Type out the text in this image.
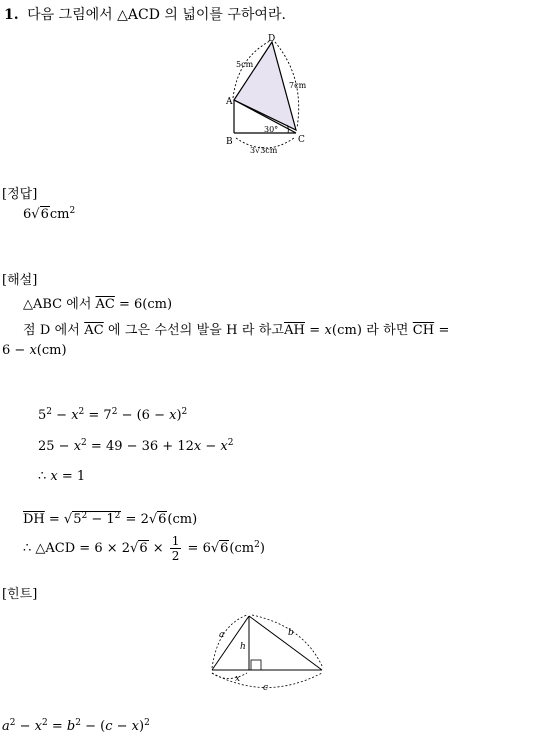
1. 다음 그림에서 △ACD 의 넓이를 구하여라.
D
A
B	C
5cm
7cm
30°
3√3cm
[정답]
$6√6cm^2$
[해설]
△ABC 에서 $\overline{AC} = 6(cm)$
점 D 에서 $\overline{AC}$ 에 그은 수선의 발을 H 라 하고$\overline{AH} = x(cm)$ 라 하면 $\overline{CH}$ =
6 − x(cm)
$5^2 - x^2 = 7^2 - (6 - x)^2$
$25 - x^2 = 49 - 36 + 12x - x^2$
∴ x = 1
$\overline{DH} = √5^2 - 1^2 = 2√6(cm)$
∴ △ACD = $6 \times 2√6 \times \frac{1}{2} = 6√6(cm^2)$
[힌트]
a	b
h
x
c
$a^2 - x^2 = b^2 - (c - x)^2$
